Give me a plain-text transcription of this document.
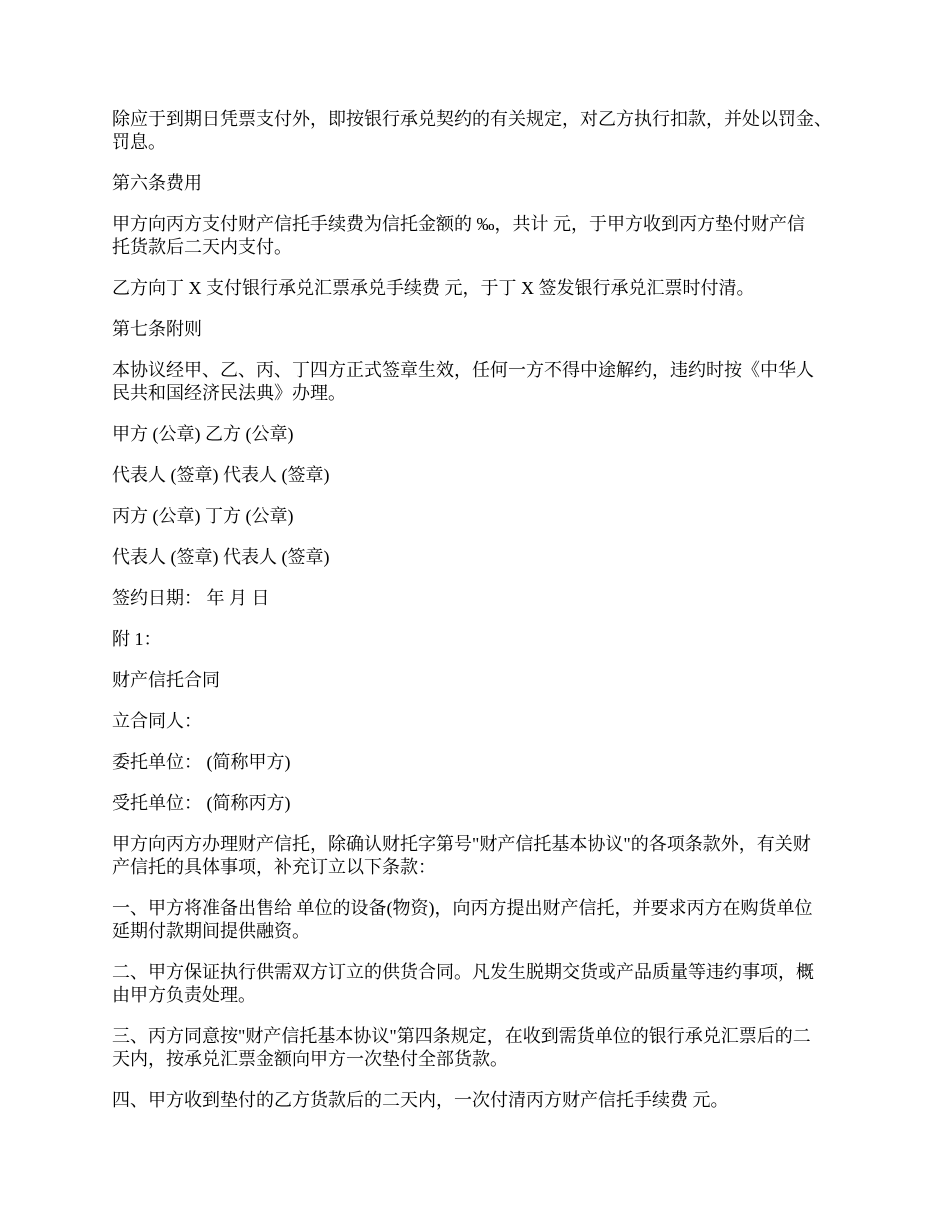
除应于到期日凭票支付外，即按银行承兑契约的有关规定，对乙方执行扣款，并处以罚金、
罚息。

第六条费用

甲方向丙方支付财产信托手续费为信托金额的 ‰，共计 元，于甲方收到丙方垫付财产信
托货款后二天内支付。

乙方向丁 X 支付银行承兑汇票承兑手续费 元，于丁 X 签发银行承兑汇票时付清。

第七条附则

本协议经甲、乙、丙、丁四方正式签章生效，任何一方不得中途解约，违约时按《中华人
民共和国经济民法典》办理。

甲方 (公章) 乙方 (公章)

代表人 (签章) 代表人 (签章)

丙方 (公章) 丁方 (公章)

代表人 (签章) 代表人 (签章)

签约日期： 年 月 日

附 1：

财产信托合同

立合同人：

委托单位： (简称甲方)

受托单位： (简称丙方)

甲方向丙方办理财产信托，除确认财托字第号"财产信托基本协议"的各项条款外，有关财
产信托的具体事项，补充订立以下条款：

一、甲方将准备出售给 单位的设备(物资)，向丙方提出财产信托，并要求丙方在购货单位
延期付款期间提供融资。

二、甲方保证执行供需双方订立的供货合同。凡发生脱期交货或产品质量等违约事项，概
由甲方负责处理。

三、丙方同意按"财产信托基本协议"第四条规定，在收到需货单位的银行承兑汇票后的二
天内，按承兑汇票金额向甲方一次垫付全部货款。

四、甲方收到垫付的乙方货款后的二天内，一次付清丙方财产信托手续费 元。
